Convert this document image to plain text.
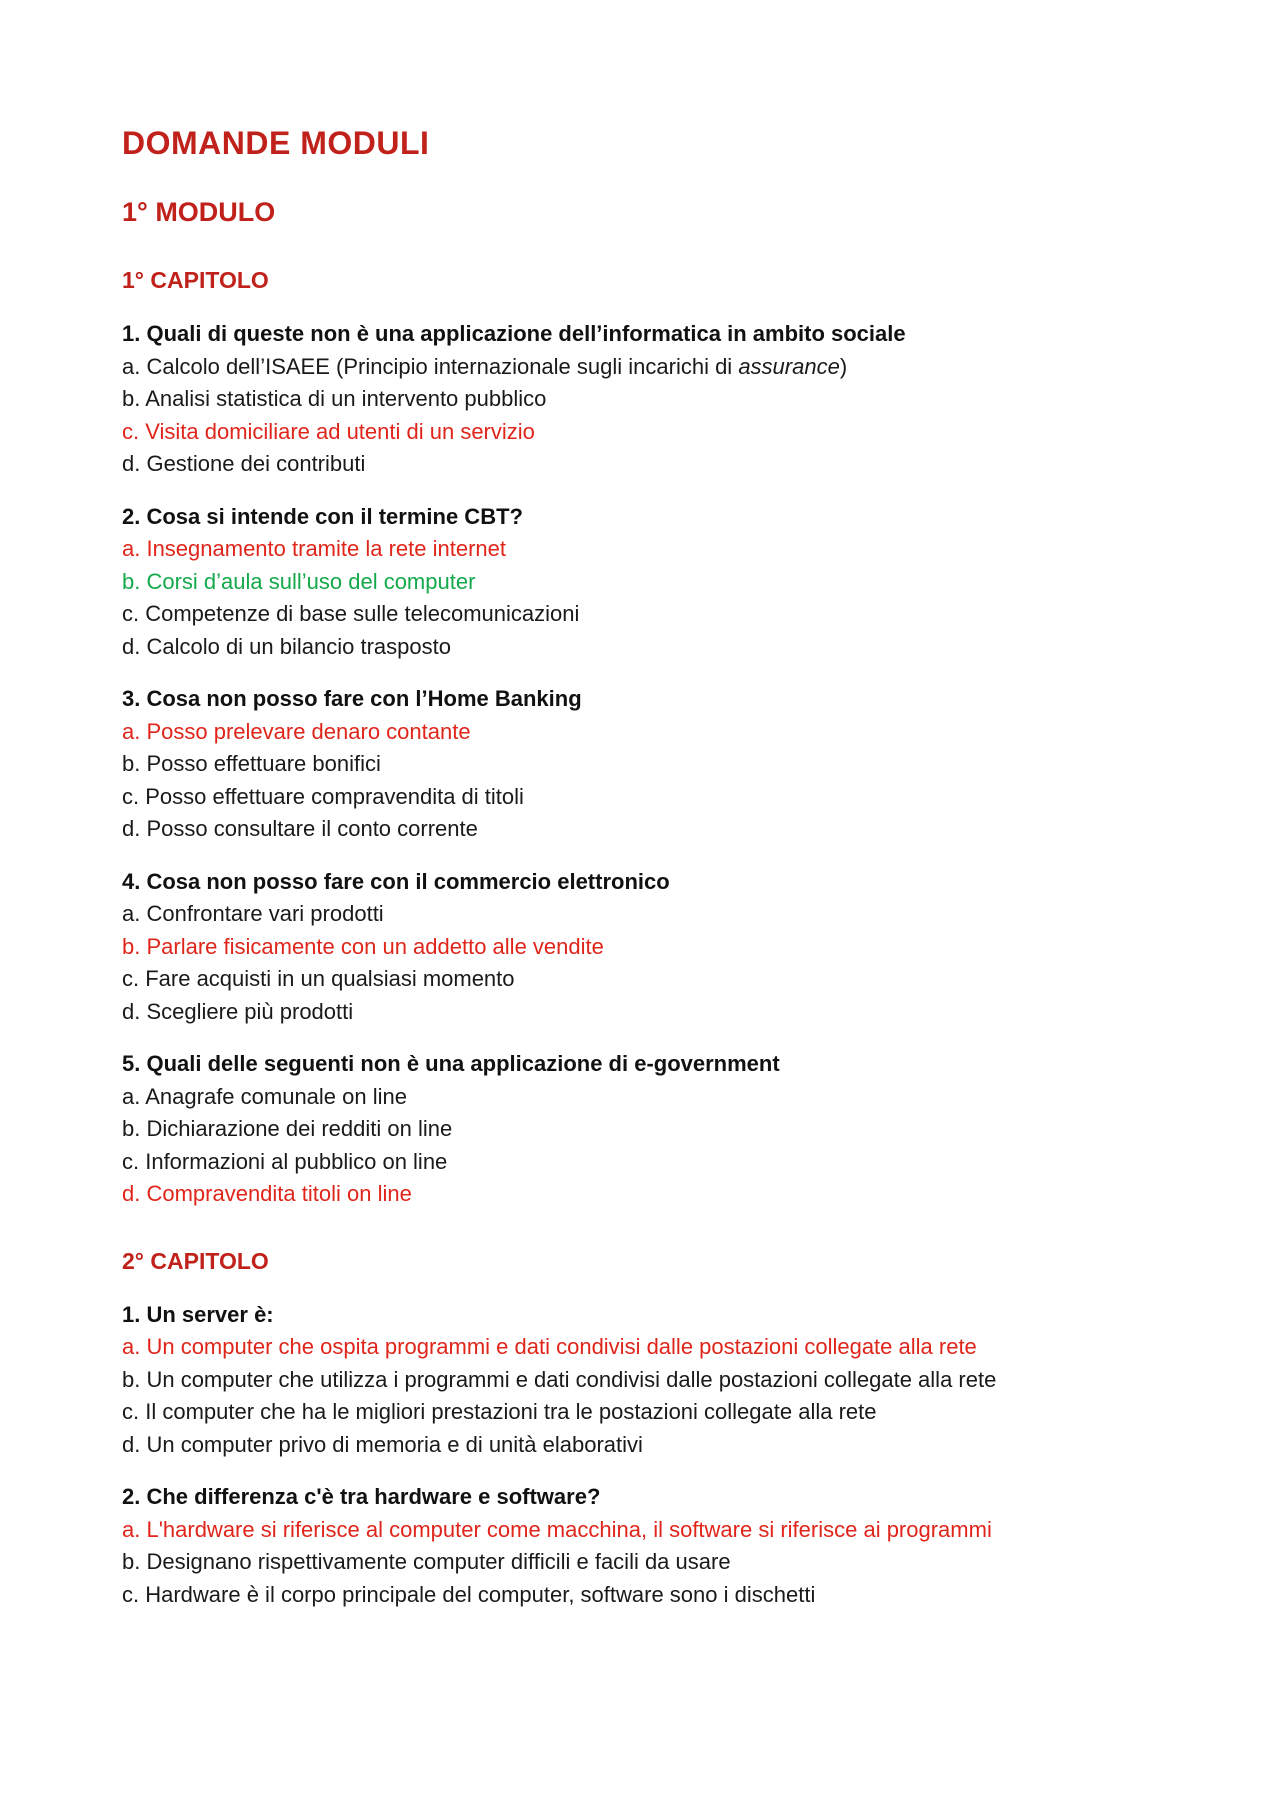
DOMANDE MODULI
1° MODULO
1° CAPITOLO
1. Quali di queste non è una applicazione dell’informatica in ambito sociale
a. Calcolo dell’ISAEE (Principio internazionale sugli incarichi di assurance)
b. Analisi statistica di un intervento pubblico
c. Visita domiciliare ad utenti di un servizio
d. Gestione dei contributi
2. Cosa si intende con il termine CBT?
a. Insegnamento tramite la rete internet
b. Corsi d’aula sull’uso del computer
c. Competenze di base sulle telecomunicazioni
d. Calcolo di un bilancio trasposto
3. Cosa non posso fare con l’Home Banking
a. Posso prelevare denaro contante
b. Posso effettuare bonifici
c. Posso effettuare compravendita di titoli
d. Posso consultare il conto corrente
4. Cosa non posso fare con il commercio elettronico
a. Confrontare vari prodotti
b. Parlare fisicamente con un addetto alle vendite
c. Fare acquisti in un qualsiasi momento
d. Scegliere più prodotti
5. Quali delle seguenti non è una applicazione di e-government
a. Anagrafe comunale on line
b. Dichiarazione dei redditi on line
c. Informazioni al pubblico on line
d. Compravendita titoli on line
2° CAPITOLO
1. Un server è:
a. Un computer che ospita programmi e dati condivisi dalle postazioni collegate alla rete
b. Un computer che utilizza i programmi e dati condivisi dalle postazioni collegate alla rete
c. Il computer che ha le migliori prestazioni tra le postazioni collegate alla rete
d. Un computer privo di memoria e di unità elaborativi
2. Che differenza c'è tra hardware e software?
a. L'hardware si riferisce al computer come macchina, il software si riferisce ai programmi
b. Designano rispettivamente computer difficili e facili da usare
c. Hardware è il corpo principale del computer, software sono i dischetti
